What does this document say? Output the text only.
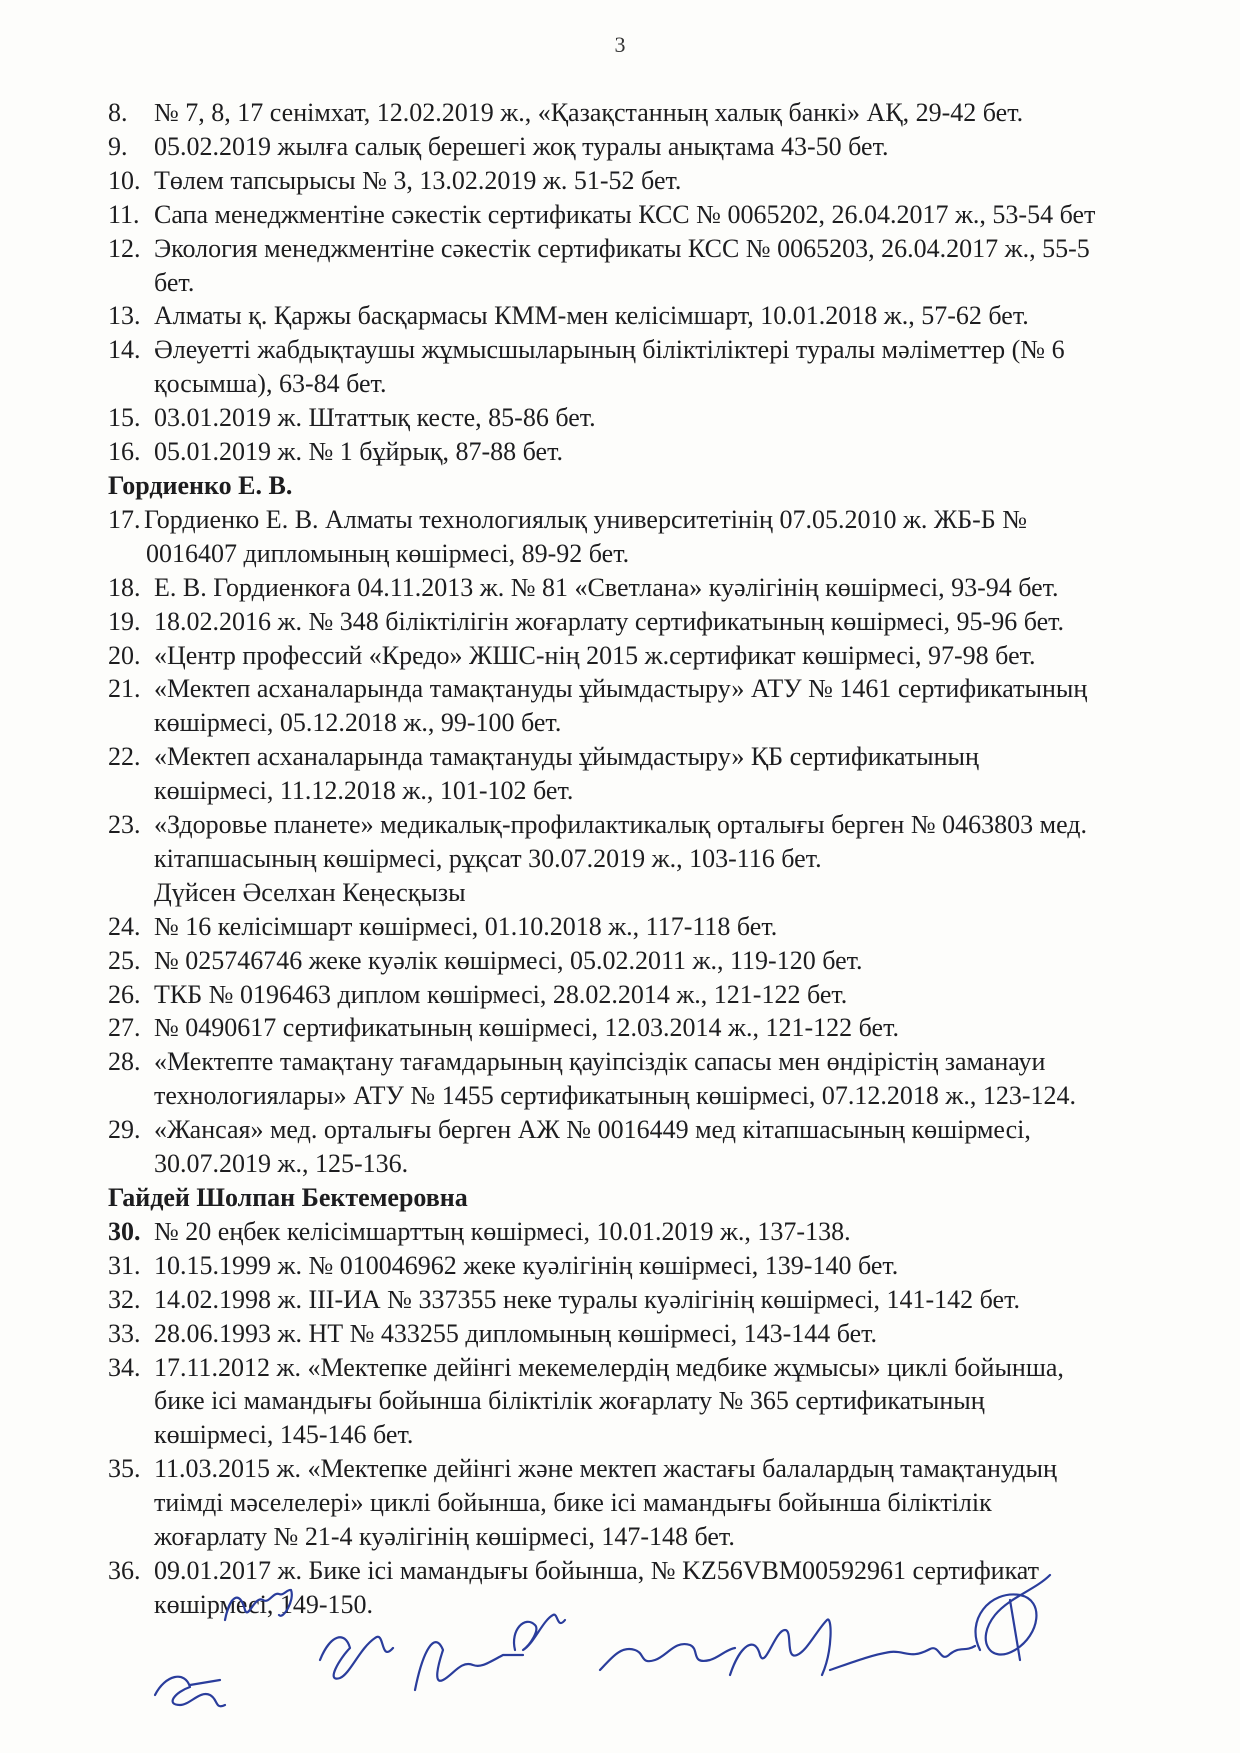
3
8.	№ 7, 8, 17 сенімхат, 12.02.2019 ж., «Қазақстанның халық банкі» АҚ, 29-42 бет.
9.	05.02.2019 жылға салық берешегі жоқ туралы анықтама 43-50 бет.
10. Төлем тапсырысы № 3, 13.02.2019 ж. 51-52 бет.
11. Сапа менеджментіне сәкестік сертификаты КСС № 0065202, 26.04.2017 ж., 53-54 бет
12. Экология менеджментіне сәкестік сертификаты КСС № 0065203, 26.04.2017 ж., 55-5
бет.
13. Алматы қ. Қаржы басқармасы КММ-мен келісімшарт, 10.01.2018 ж., 57-62 бет.
14. Әлеуетті жабдықтаушы жұмысшыларының біліктіліктері туралы мәліметтер (№ 6
қосымша), 63-84 бет.
15. 03.01.2019 ж. Штаттық кесте, 85-86 бет.
16. 05.01.2019 ж. № 1 бұйрық, 87-88 бет.
Гордиенко Е. В.
17. Гордиенко Е. В. Алматы технологиялық университетінің 07.05.2010 ж. ЖБ-Б №
0016407 дипломының көшірмесі, 89-92 бет.
18. Е. В. Гордиенкоға 04.11.2013 ж. № 81 «Светлана» куәлігінің көшірмесі, 93-94 бет.
19. 18.02.2016 ж. № 348 біліктілігін жоғарлату сертификатының көшірмесі, 95-96 бет.
20. «Центр профессий «Кредо» ЖШС-нің 2015 ж.сертификат көшірмесі, 97-98 бет.
21. «Мектеп асханаларында тамақтануды ұйымдастыру» АТУ № 1461 сертификатының
көшірмесі, 05.12.2018 ж., 99-100 бет.
22. «Мектеп асханаларында тамақтануды ұйымдастыру» ҚБ сертификатының
көшірмесі, 11.12.2018 ж., 101-102 бет.
23. «Здоровье планете» медикалық-профилактикалық орталығы берген № 0463803 мед.
кітапшасының көшірмесі, рұқсат 30.07.2019 ж., 103-116 бет.
Дүйсен Әселхан Кеңесқызы
24. № 16 келісімшарт көшірмесі, 01.10.2018 ж., 117-118 бет.
25. № 025746746 жеке куәлік көшірмесі, 05.02.2011 ж., 119-120 бет.
26. ТКБ № 0196463 диплом көшірмесі, 28.02.2014 ж., 121-122 бет.
27. № 0490617 сертификатының көшірмесі, 12.03.2014 ж., 121-122 бет.
28. «Мектепте тамақтану тағамдарының қауіпсіздік сапасы мен өндірістің заманауи
технологиялары» АТУ № 1455 сертификатының көшірмесі, 07.12.2018 ж., 123-124.
29. «Жансая» мед. орталығы берген АЖ № 0016449 мед кітапшасының көшірмесі,
30.07.2019 ж., 125-136.
Гайдей Шолпан Бектемеровна
30. № 20 еңбек келісімшарттың көшірмесі, 10.01.2019 ж., 137-138.
31. 10.15.1999 ж. № 010046962 жеке куәлігінің көшірмесі, 139-140 бет.
32. 14.02.1998 ж. ІІІ-ИА № 337355 неке туралы куәлігінің көшірмесі, 141-142 бет.
33. 28.06.1993 ж. НТ № 433255 дипломының көшірмесі, 143-144 бет.
34. 17.11.2012 ж. «Мектепке дейінгі мекемелердің медбике жұмысы» циклі бойынша,
бике ісі мамандығы бойынша біліктілік жоғарлату № 365 сертификатының
көшірмесі, 145-146 бет.
35. 11.03.2015 ж. «Мектепке дейінгі және мектеп жастағы балалардың тамақтанудың
тиімді мәселелері» циклі бойынша, бике ісі мамандығы бойынша біліктілік
жоғарлату № 21-4 куәлігінің көшірмесі, 147-148 бет.
36. 09.01.2017 ж. Бике ісі мамандығы бойынша, № KZ56VBM00592961 сертификат
көшірмесі, 149-150.
